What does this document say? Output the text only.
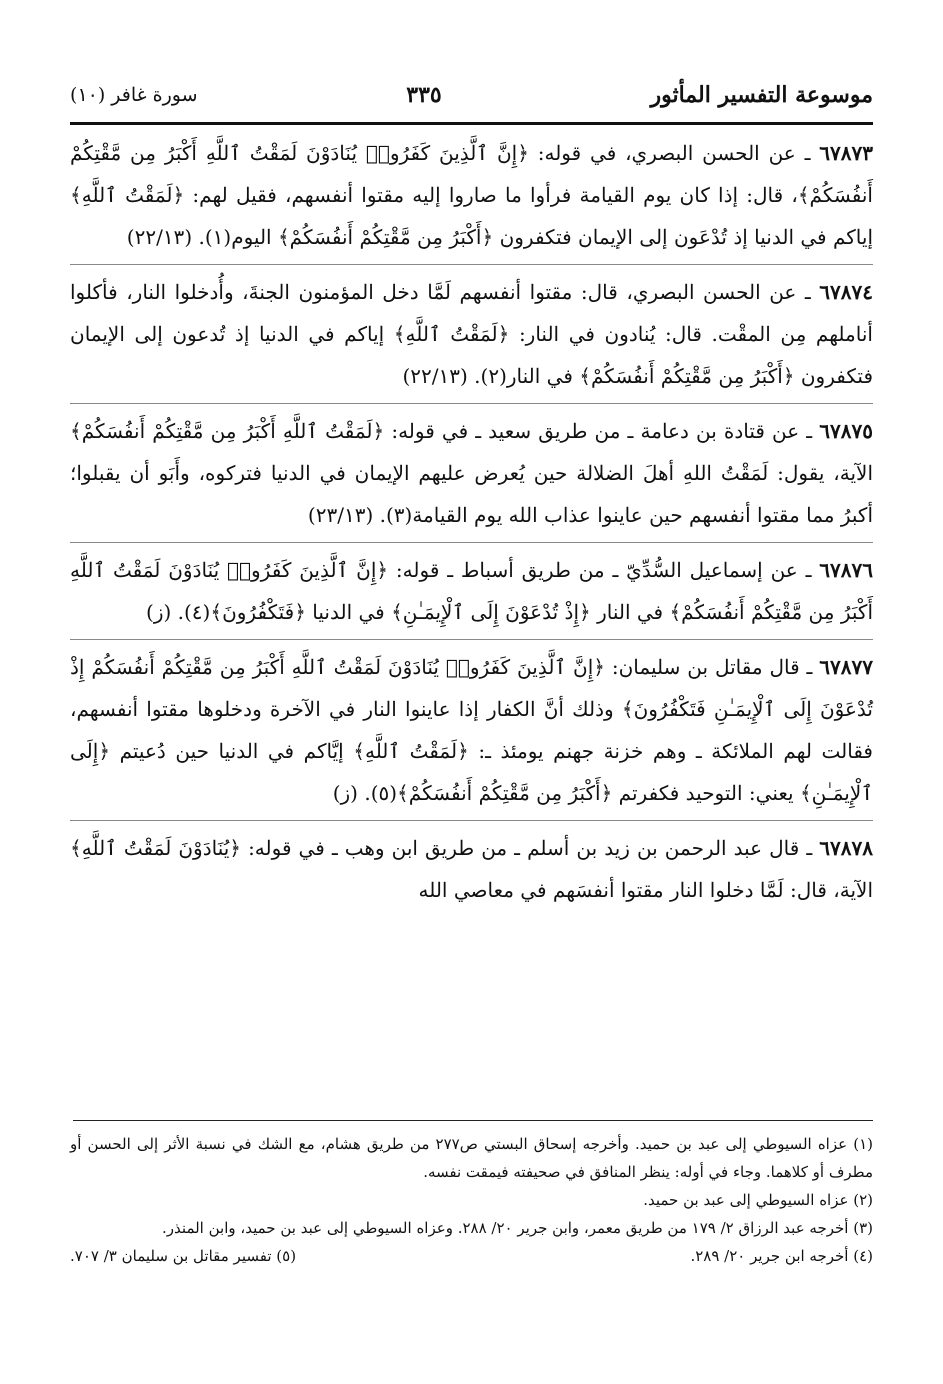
موسوعة التفسير المأثور
٣٣٥
سورة غافر (١٠)

٦٧٨٧٣ ـ عن الحسن البصري، في قوله: ﴿إِنَّ ٱلَّذِينَ كَفَرُوا۟ يُنَادَوْنَ لَمَقْتُ ٱللَّهِ أَكْبَرُ مِن مَّقْتِكُمْ أَنفُسَكُمْ﴾، قال: إذا كان يوم القيامة فرأوا ما صاروا إليه مقتوا أنفسهم، فقيل لهم: ﴿لَمَقْتُ ٱللَّهِ﴾ إياكم في الدنيا إذ تُدْعَون إلى الإيمان فتكفرون ﴿أَكْبَرُ مِن مَّقْتِكُمْ أَنفُسَكُمْ﴾ اليوم(١). (٢٢/١٣)

٦٧٨٧٤ ـ عن الحسن البصري، قال: مقتوا أنفسهم لَمَّا دخل المؤمنون الجنةَ، وأُدخلوا النار، فأكلوا أناملهم مِن المقْت. قال: يُنادون في النار: ﴿لَمَقْتُ ٱللَّهِ﴾ إياكم في الدنيا إذ تُدعون إلى الإيمان فتكفرون ﴿أَكْبَرُ مِن مَّقْتِكُمْ أَنفُسَكُمْ﴾ في النار(٢). (٢٢/١٣)

٦٧٨٧٥ ـ عن قتادة بن دعامة ـ من طريق سعيد ـ في قوله: ﴿لَمَقْتُ ٱللَّهِ أَكْبَرُ مِن مَّقْتِكُمْ أَنفُسَكُمْ﴾ الآية، يقول: لَمَقْتُ اللهِ أهلَ الضلالة حين يُعرض عليهم الإيمان في الدنيا فتركوه، وأَبَو أن يقبلوا؛ أكبرُ مما مقتوا أنفسهم حين عاينوا عذاب الله يوم القيامة(٣). (٢٣/١٣)

٦٧٨٧٦ ـ عن إسماعيل السُّدِّيّ ـ من طريق أسباط ـ قوله: ﴿إِنَّ ٱلَّذِينَ كَفَرُوا۟ يُنَادَوْنَ لَمَقْتُ ٱللَّهِ أَكْبَرُ مِن مَّقْتِكُمْ أَنفُسَكُمْ﴾ في النار ﴿إِذْ تُدْعَوْنَ إِلَى ٱلْإِيمَـٰنِ﴾ في الدنيا ﴿فَتَكْفُرُونَ﴾(٤). (ز)

٦٧٨٧٧ ـ قال مقاتل بن سليمان: ﴿إِنَّ ٱلَّذِينَ كَفَرُوا۟ يُنَادَوْنَ لَمَقْتُ ٱللَّهِ أَكْبَرُ مِن مَّقْتِكُمْ أَنفُسَكُمْ إِذْ تُدْعَوْنَ إِلَى ٱلْإِيمَـٰنِ فَتَكْفُرُونَ﴾ وذلك أنَّ الكفار إذا عاينوا النار في الآخرة ودخلوها مقتوا أنفسهم، فقالت لهم الملائكة ـ وهم خزنة جهنم يومئذ ـ: ﴿لَمَقْتُ ٱللَّهِ﴾ إيَّاكم في الدنيا حين دُعيتم ﴿إِلَى ٱلْإِيمَـٰنِ﴾ يعني: التوحيد فكفرتم ﴿أَكْبَرُ مِن مَّقْتِكُمْ أَنفُسَكُمْ﴾(٥). (ز)

٦٧٨٧٨ ـ قال عبد الرحمن بن زيد بن أسلم ـ من طريق ابن وهب ـ في قوله: ﴿يُنَادَوْنَ لَمَقْتُ ٱللَّهِ﴾ الآية، قال: لَمَّا دخلوا النار مقتوا أنفسَهم في معاصي الله

(١) عزاه السيوطي إلى عبد بن حميد. وأخرجه إسحاق البستي ص٢٧٧ من طريق هشام، مع الشك في نسبة الأثر إلى الحسن أو مطرف أو كلاهما. وجاء في أوله: ينظر المنافق في صحيفته فيمقت نفسه.

(٢) عزاه السيوطي إلى عبد بن حميد.

(٣) أخرجه عبد الرزاق ٢/ ١٧٩ من طريق معمر، وابن جرير ٢٠/ ٢٨٨. وعزاه السيوطي إلى عبد بن حميد، وابن المنذر.

(٤) أخرجه ابن جرير ٢٠/ ٢٨٩.
(٥) تفسير مقاتل بن سليمان ٣/ ٧٠٧.
